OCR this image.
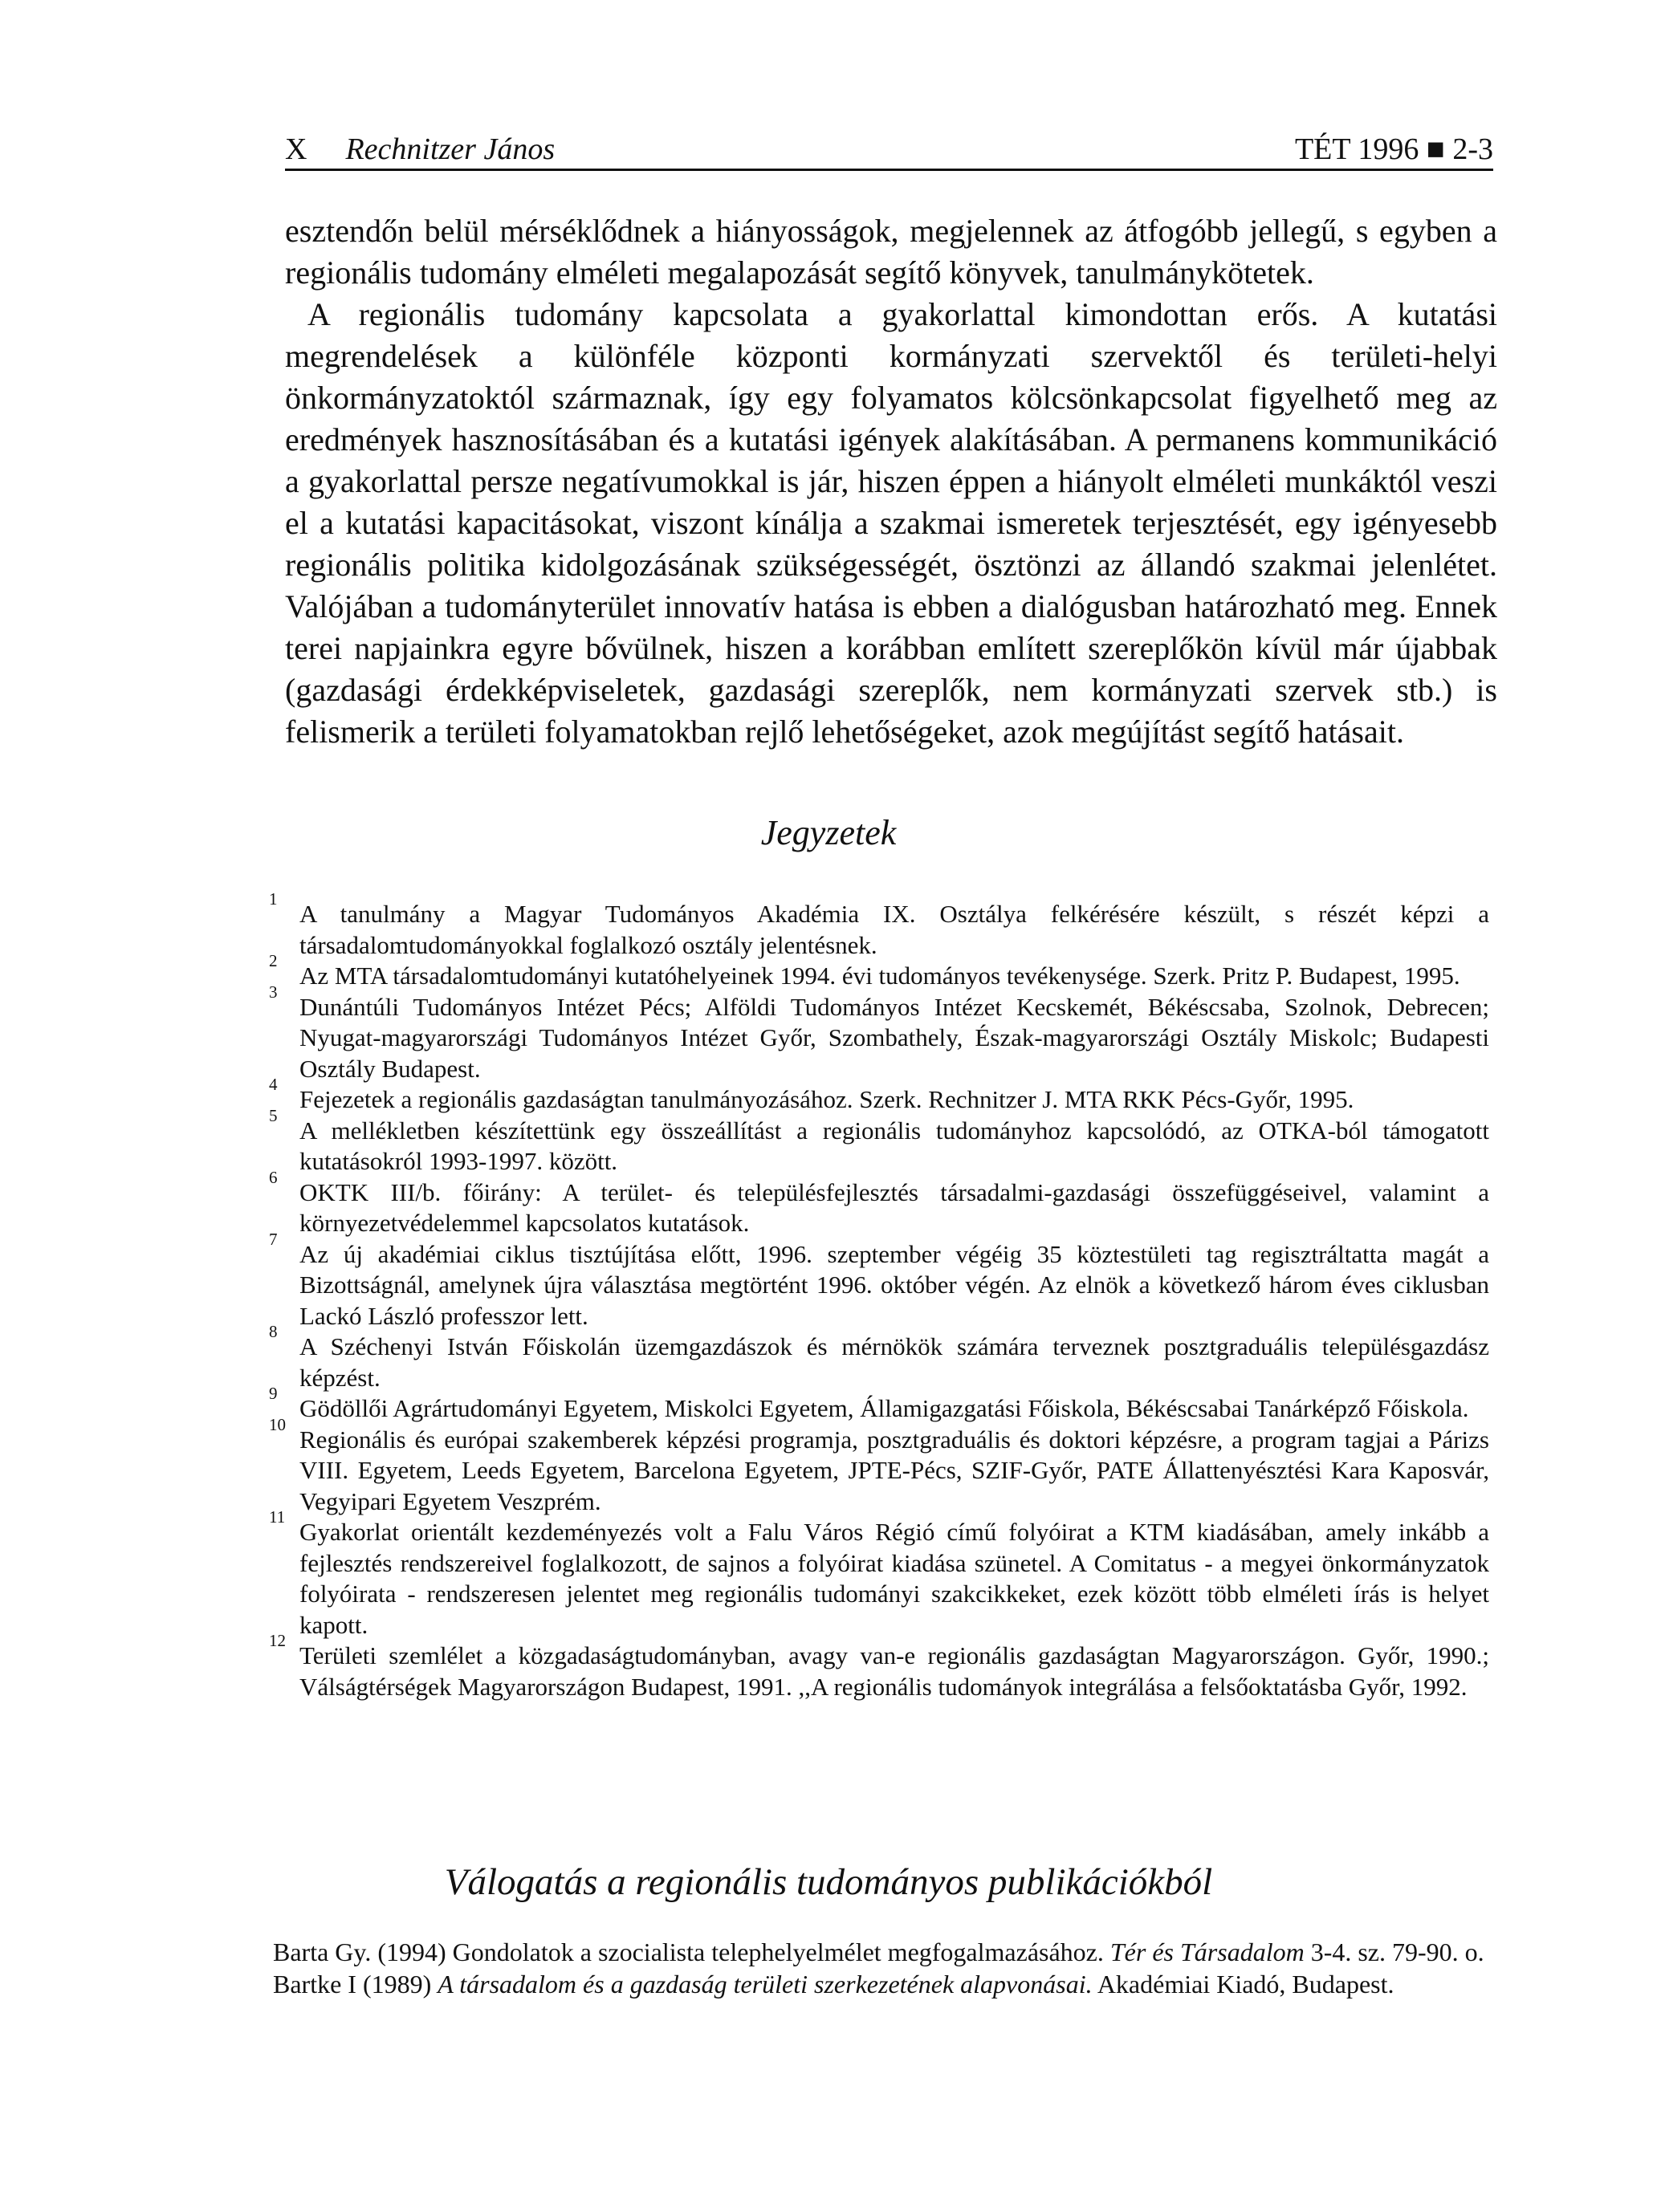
X Rechnitzer János	TÉT 1996 ■ 2-3

esztendőn belül mérséklődnek a hiányosságok, megjelennek az átfogóbb jellegű, s egyben a regionális tudomány elméleti megalapozását segítő könyvek, tanulmánykötetek.

A regionális tudomány kapcsolata a gyakorlattal kimondottan erős. A kutatási megrendelések a különféle központi kormányzati szervektől és területi-helyi önkormányzatoktól származnak, így egy folyamatos kölcsönkapcsolat figyelhető meg az eredmények hasznosításában és a kutatási igények alakításában. A permanens kommunikáció a gyakorlattal persze negatívumokkal is jár, hiszen éppen a hiányolt elméleti munkáktól veszi el a kutatási kapacitásokat, viszont kínálja a szakmai ismeretek terjesztését, egy igényesebb regionális politika kidolgozásának szükségességét, ösztönzi az állandó szakmai jelenlétet. Valójában a tudományterület innovatív hatása is ebben a dialógusban határozható meg. Ennek terei napjainkra egyre bővülnek, hiszen a korábban említett szereplőkön kívül már újabbak (gazdasági érdekképviseletek, gazdasági szereplők, nem kormányzati szervek stb.) is felismerik a területi folyamatokban rejlő lehetőségeket, azok megújítást segítő hatásait.

Jegyzetek
1
A tanulmány a Magyar Tudományos Akadémia IX. Osztálya felkérésére készült, s részét képzi a társadalomtudományokkal foglalkozó osztály jelentésnek.
2
Az MTA társadalomtudományi kutatóhelyeinek 1994. évi tudományos tevékenysége. Szerk. Pritz P. Budapest, 1995.
3
Dunántúli Tudományos Intézet Pécs; Alföldi Tudományos Intézet Kecskemét, Békéscsaba, Szolnok, Debrecen; Nyugat-magyarországi Tudományos Intézet Győr, Szombathely, Észak-magyarországi Osztály Miskolc; Budapesti Osztály Budapest.
4
Fejezetek a regionális gazdaságtan tanulmányozásához. Szerk. Rechnitzer J. MTA RKK Pécs-Győr, 1995.
5
A mellékletben készítettünk egy összeállítást a regionális tudományhoz kapcsolódó, az OTKA-ból támogatott kutatásokról 1993-1997. között.
6
OKTK III/b. főirány: A terület- és településfejlesztés társadalmi-gazdasági összefüggéseivel, valamint a környezetvédelemmel kapcsolatos kutatások.
7
Az új akadémiai ciklus tisztújítása előtt, 1996. szeptember végéig 35 köztestületi tag regisztráltatta magát a Bizottságnál, amelynek újra választása megtörtént 1996. október végén. Az elnök a következő három éves ciklusban Lackó László professzor lett.
8
A Széchenyi István Főiskolán üzemgazdászok és mérnökök számára terveznek posztgraduális településgazdász képzést.
9
Gödöllői Agrártudományi Egyetem, Miskolci Egyetem, Államigazgatási Főiskola, Békéscsabai Tanárképző Főiskola.
10
Regionális és európai szakemberek képzési programja, posztgraduális és doktori képzésre, a program tagjai a Párizs VIII. Egyetem, Leeds Egyetem, Barcelona Egyetem, JPTE-Pécs, SZIF-Győr, PATE Állattenyésztési Kara Kaposvár, Vegyipari Egyetem Veszprém.
11
Gyakorlat orientált kezdeményezés volt a Falu Város Régió című folyóirat a KTM kiadásában, amely inkább a fejlesztés rendszereivel foglalkozott, de sajnos a folyóirat kiadása szünetel. A Comitatus - a megyei önkormányzatok folyóirata - rendszeresen jelentet meg regionális tudományi szakcikkeket, ezek között több elméleti írás is helyet kapott.
12
Területi szemlélet a közgadaságtudományban, avagy van-e regionális gazdaságtan Magyarországon. Győr, 1990.; Válságtérségek Magyarországon Budapest, 1991. ,,A regionális tudományok integrálása a felsőoktatásba Győr, 1992.
Válogatás a regionális tudományos publikációkból
Barta Gy. (1994) Gondolatok a szocialista telephelyelmélet megfogalmazásához. Tér és Társadalom 3-4. sz. 79-90. o.
Bartke I (1989) A társadalom és a gazdaság területi szerkezetének alapvonásai. Akadémiai Kiadó, Budapest.
